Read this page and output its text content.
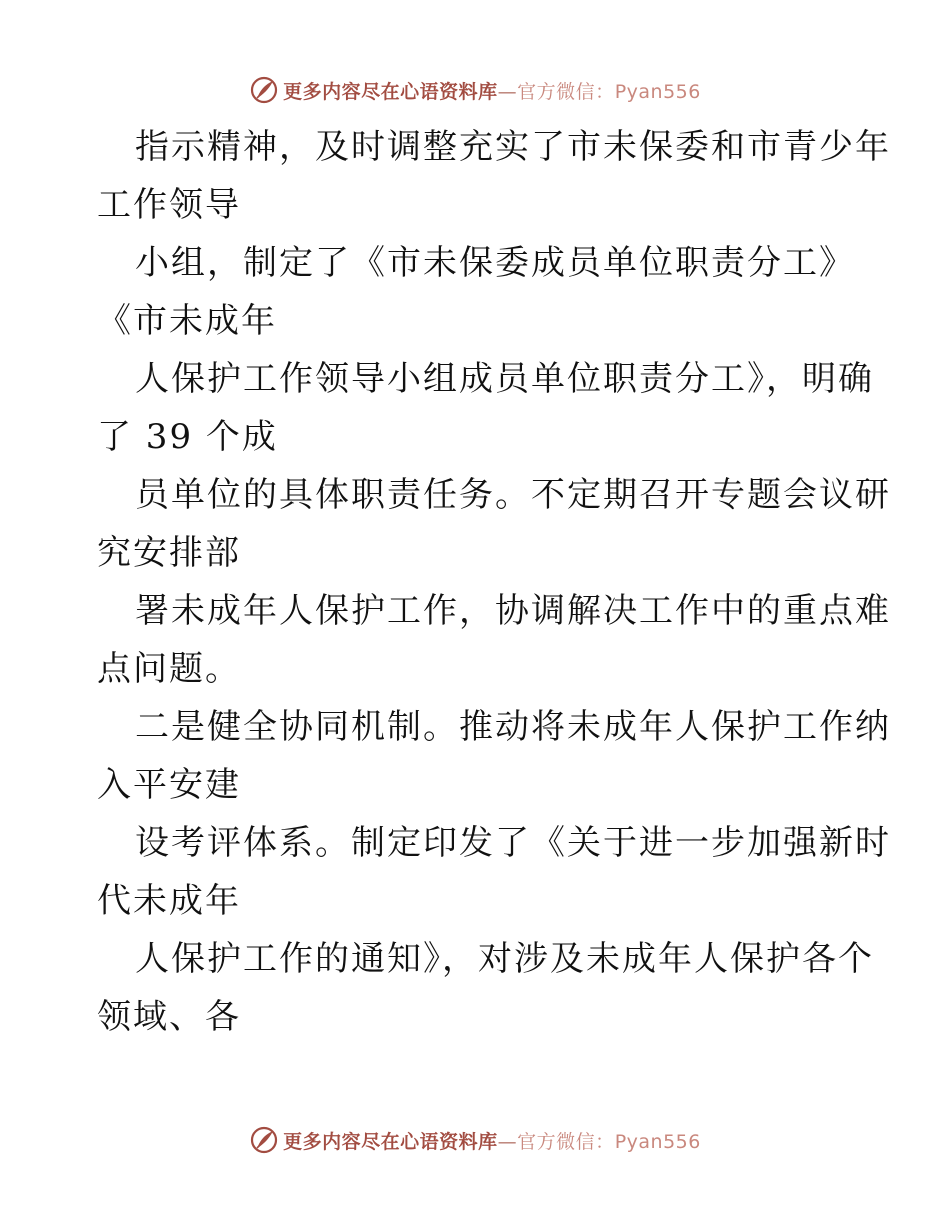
更多内容尽在心语资料库—官方微信：Pyan556
指示精神，及时调整充实了市未保委和市青少年
工作领导
小组，制定了《市未保委成员单位职责分工》
《市未成年
人保护工作领导小组成员单位职责分工》，明确
了 39 个成
员单位的具体职责任务。不定期召开专题会议研
究安排部
署未成年人保护工作，协调解决工作中的重点难
点问题。
二是健全协同机制。推动将未成年人保护工作纳
入平安建
设考评体系。制定印发了《关于进一步加强新时
代未成年
人保护工作的通知》，对涉及未成年人保护各个
领域、各
更多内容尽在心语资料库—官方微信：Pyan556
